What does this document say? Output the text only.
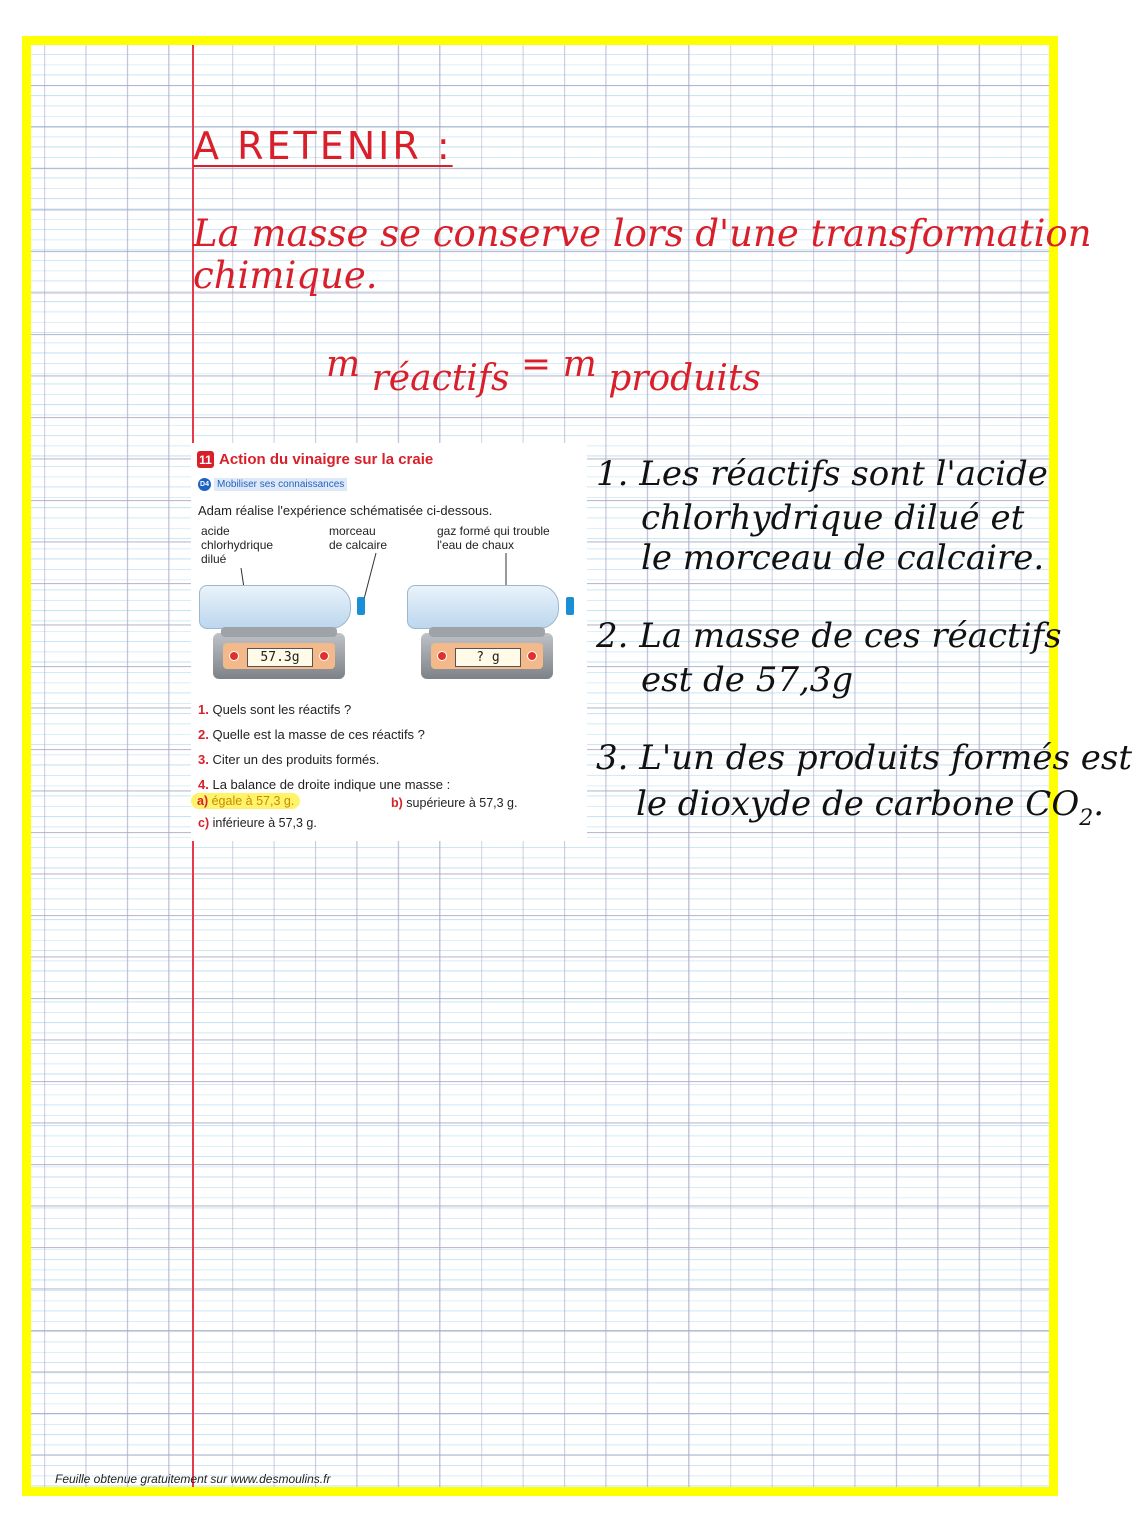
A RETENIR :
La masse se conserve lors d'une transformation
chimique.
m réactifs = m produits
11 Action du vinaigre sur la craie
D4 Mobiliser ses connaissances
Adam réalise l'expérience schématisée ci-dessous.
acide
chlorhydrique
dilué
morceau
de calcaire
gaz formé qui trouble
l'eau de chaux
57.3g	? g
1. Quels sont les réactifs ?
2. Quelle est la masse de ces réactifs ?
3. Citer un des produits formés.
4. La balance de droite indique une masse :
a) égale à 57,3 g.	b) supérieure à 57,3 g.
c) inférieure à 57,3 g.
1. Les réactifs sont l'acide
chlorhydrique dilué et
le morceau de calcaire.
2. La masse de ces réactifs
est de 57,3g
3. L'un des produits formés est
le dioxyde de carbone $CO_2$.
Feuille obtenue gratuitement sur www.desmoulins.fr
